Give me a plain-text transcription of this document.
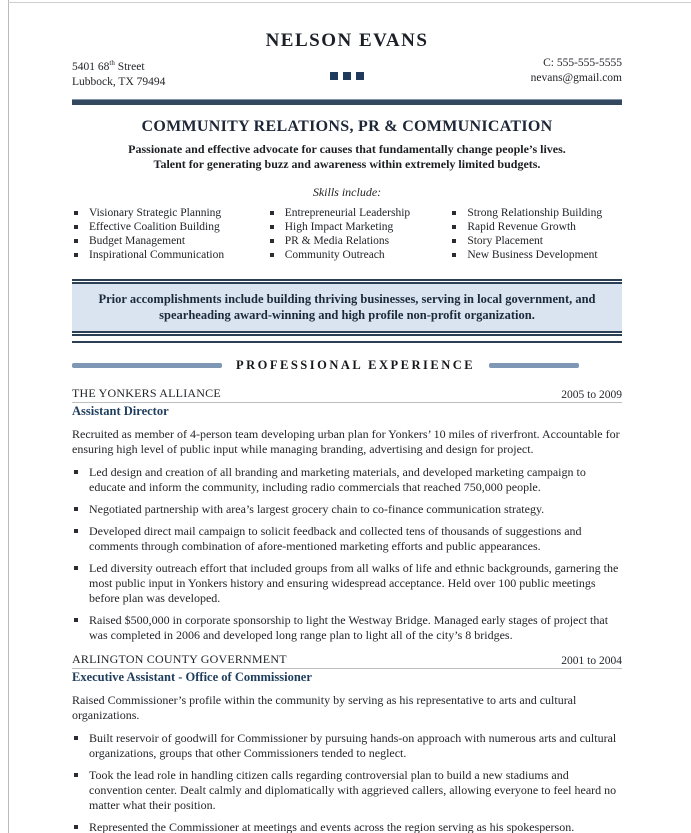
NELSON EVANS
5401 68th Street
Lubbock, TX 79494
C: 555-555-5555
nevans@gmail.com
COMMUNITY RELATIONS, PR & COMMUNICATION
Passionate and effective advocate for causes that fundamentally change people’s lives.
Talent for generating buzz and awareness within extremely limited budgets.
Skills include:
Visionary Strategic Planning
Effective Coalition Building
Budget Management
Inspirational Communication
Entrepreneurial Leadership
High Impact Marketing
PR & Media Relations
Community Outreach
Strong Relationship Building
Rapid Revenue Growth
Story Placement
New Business Development
Prior accomplishments include building thriving businesses, serving in local government, and spearheading award-winning and high profile non-profit organization.
PROFESSIONAL EXPERIENCE
THE YONKERS ALLIANCE	2005 to 2009
Assistant Director
Recruited as member of 4-person team developing urban plan for Yonkers’ 10 miles of riverfront. Accountable for ensuring high level of public input while managing branding, advertising and design for project.
Led design and creation of all branding and marketing materials, and developed marketing campaign to educate and inform the community, including radio commercials that reached 750,000 people.
Negotiated partnership with area’s largest grocery chain to co-finance communication strategy.
Developed direct mail campaign to solicit feedback and collected tens of thousands of suggestions and comments through combination of afore-mentioned marketing efforts and public appearances.
Led diversity outreach effort that included groups from all walks of life and ethnic backgrounds, garnering the most public input in Yonkers history and ensuring widespread acceptance. Held over 100 public meetings before plan was developed.
Raised $500,000 in corporate sponsorship to light the Westway Bridge. Managed early stages of project that was completed in 2006 and developed long range plan to light all of the city’s 8 bridges.
ARLINGTON COUNTY GOVERNMENT	2001 to 2004
Executive Assistant - Office of Commissioner
Raised Commissioner’s profile within the community by serving as his representative to arts and cultural organizations.
Built reservoir of goodwill for Commissioner by pursuing hands-on approach with numerous arts and cultural organizations, groups that other Commissioners tended to neglect.
Took the lead role in handling citizen calls regarding controversial plan to build a new stadiums and convention center. Dealt calmly and diplomatically with aggrieved callers, allowing everyone to feel heard no matter what their position.
Represented the Commissioner at meetings and events across the region serving as his spokesperson.
